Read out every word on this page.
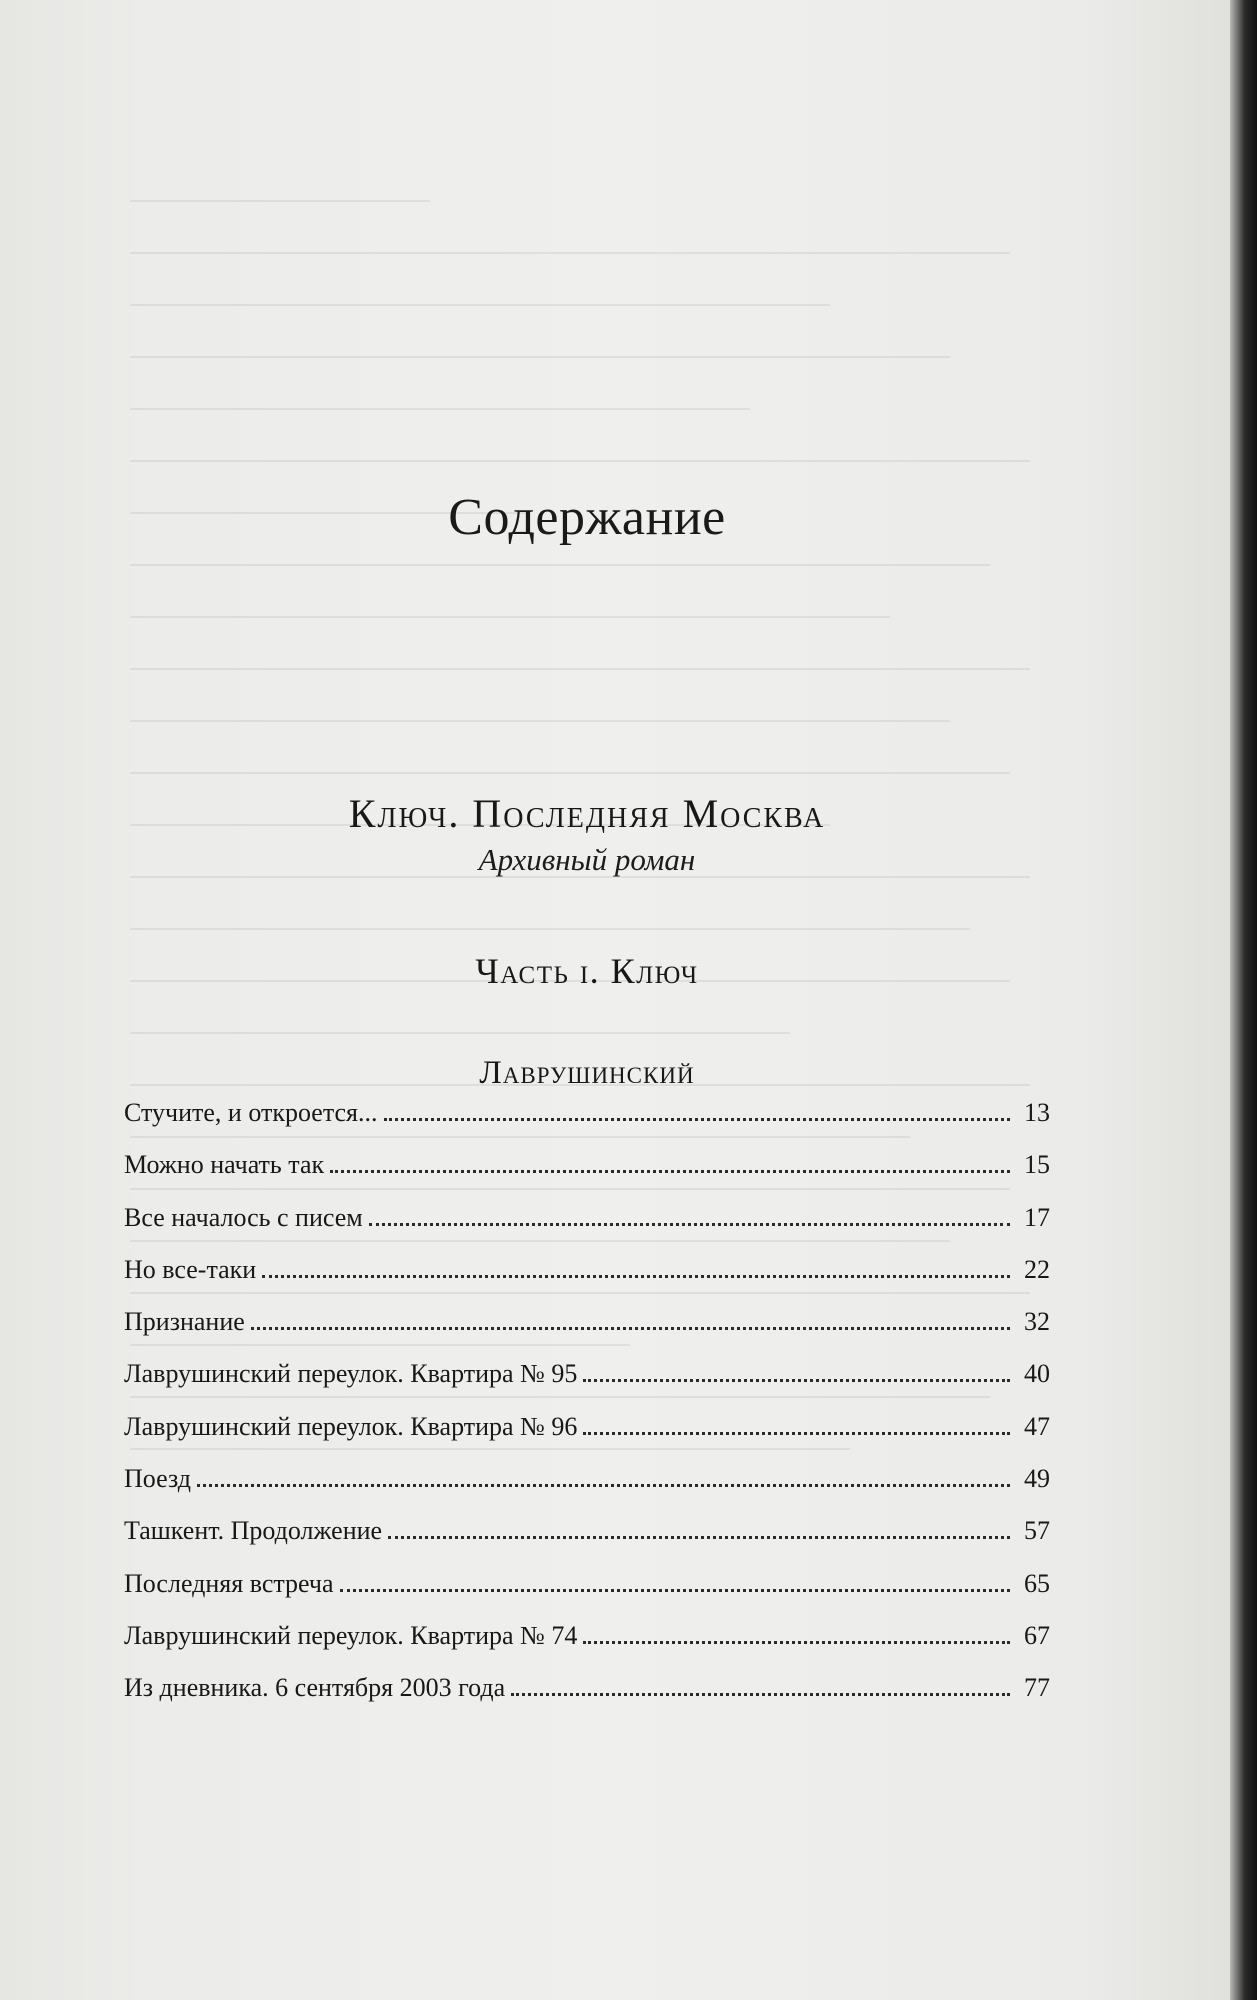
Содержание
Ключ. Последняя Москва
Архивный роман
Часть i. Ключ
Лаврушинский
Стучите, и откроется...	13
Можно начать так	15
Все началось с писем	17
Но все-таки	22
Признание	32
Лаврушинский переулок. Квартира № 95	40
Лаврушинский переулок. Квартира № 96	47
Поезд	49
Ташкент. Продолжение	57
Последняя встреча	65
Лаврушинский переулок. Квартира № 74	67
Из дневника. 6 сентября 2003 года	77
